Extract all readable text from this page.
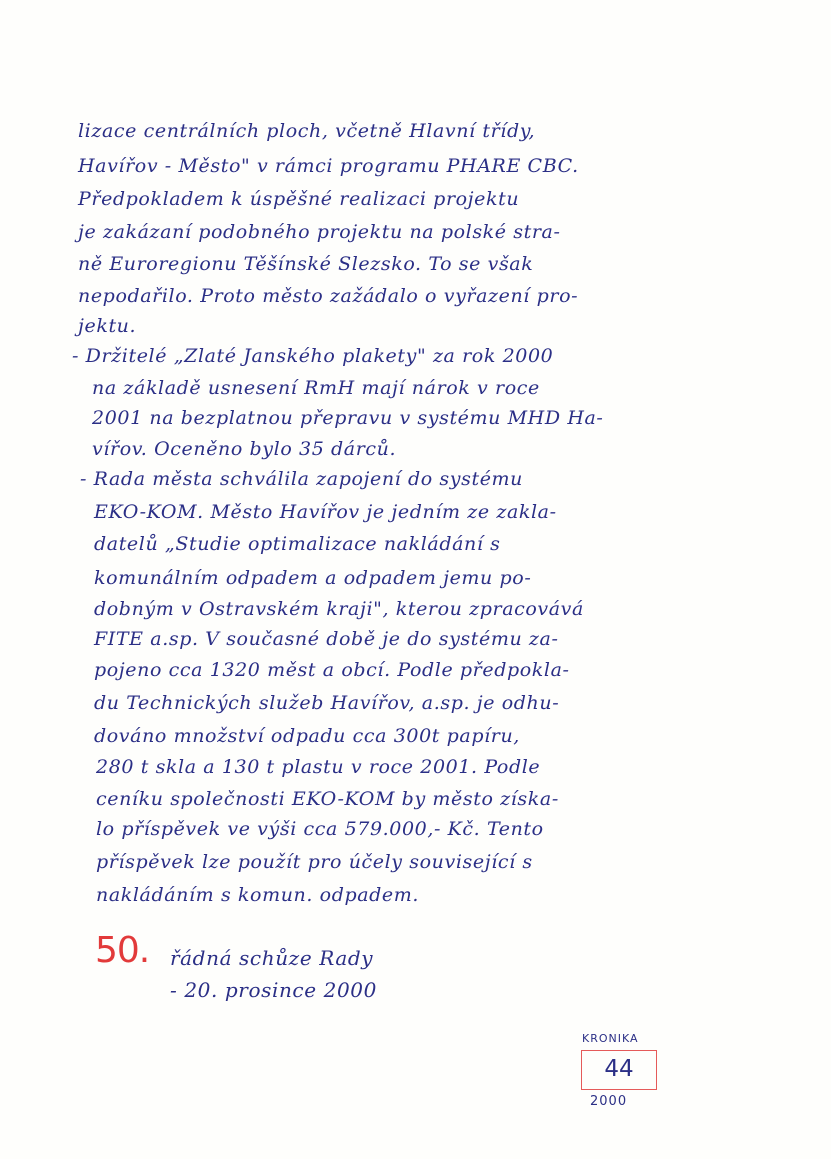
lizace centrálních ploch, včetně Hlavní třídy,
Havířov - Město" v rámci programu PHARE CBC.
Předpokladem k úspěšné realizaci projektu
je zakázaní podobného projektu na polské stra-
ně Euroregionu Těšínské Slezsko. To se však
nepodařilo. Proto město zažádalo o vyřazení pro-
jektu.
- Držitelé „Zlaté Janského plakety" za rok 2000
na základě usnesení RmH mají nárok v roce
2001 na bezplatnou přepravu v systému MHD Ha-
vířov. Oceněno bylo 35 dárců.
- Rada města schválila zapojení do systému
EKO-KOM. Město Havířov je jedním ze zakla-
datelů „Studie optimalizace nakládání s
komunálním odpadem a odpadem jemu po-
dobným v Ostravském kraji", kterou zpracovává
FITE a.sp. V současné době je do systému za-
pojeno cca 1320 měst a obcí. Podle předpokla-
du Technických služeb Havířov, a.sp. je odhu-
dováno množství odpadu cca 300t papíru,
280 t skla a 130 t plastu v roce 2001. Podle
ceníku společnosti EKO-KOM by město získa-
lo příspěvek ve výši cca 579.000,- Kč. Tento
příspěvek lze použít pro účely související s
nakládáním s komun. odpadem.
50. řádná schůze Rady
- 20. prosince 2000
KRONIKA
44
2000
